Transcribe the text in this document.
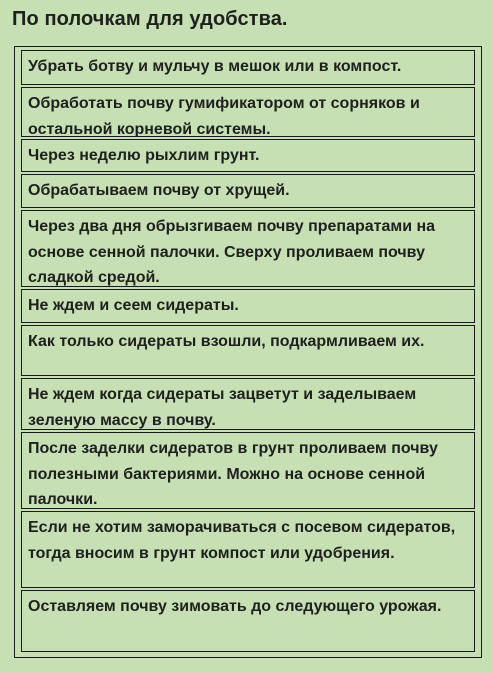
По полочкам для удобства.
Убрать ботву и мульчу в мешок или в компост.
Обработать почву гумификатором от сорняков и остальной корневой системы.
Через неделю рыхлим грунт.
Обрабатываем почву от хрущей.
Через два дня обрызгиваем почву препаратами на основе сенной палочки. Сверху проливаем почву сладкой средой.
Не ждем и сеем сидераты.
Как только сидераты взошли, подкармливаем их.
Не ждем когда сидераты зацветут и заделываем зеленую массу в почву.
После заделки сидератов в грунт проливаем почву полезными бактериями. Можно на основе сенной палочки.
Если не хотим заморачиваться с посевом сидератов, тогда вносим в грунт компост или удобрения.
Оставляем почву зимовать до следующего урожая.
